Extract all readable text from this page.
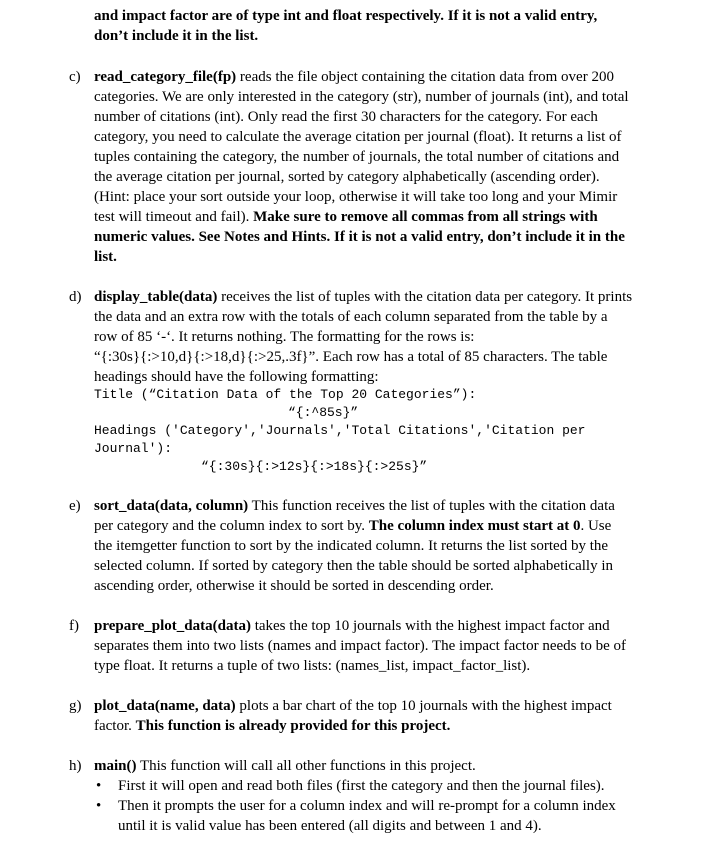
and impact factor are of type int and float respectively. If it is not a valid entry,
don’t include it in the list.
c) read_category_file(fp) reads the file object containing the citation data from over 200
categories. We are only interested in the category (str), number of journals (int), and total
number of citations (int). Only read the first 30 characters for the category. For each
category, you need to calculate the average citation per journal (float). It returns a list of
tuples containing the category, the number of journals, the total number of citations and
the average citation per journal, sorted by category alphabetically (ascending order).
(Hint: place your sort outside your loop, otherwise it will take too long and your Mimir
test will timeout and fail). Make sure to remove all commas from all strings with
numeric values. See Notes and Hints. If it is not a valid entry, don’t include it in the
list.
d) display_table(data) receives the list of tuples with the citation data per category. It prints
the data and an extra row with the totals of each column separated from the table by a
row of 85 ‘-‘. It returns nothing. The formatting for the rows is:
“{:30s}{:>10,d}{:>18,d}{:>25,.3f}”. Each row has a total of 85 characters. The table
headings should have the following formatting:
Title (“Citation Data of the Top 20 Categories”):
“{:^85s}”
Headings ('Category','Journals','Total Citations','Citation per
Journal'):
“{:30s}{:>12s}{:>18s}{:>25s}”
e) sort_data(data, column) This function receives the list of tuples with the citation data
per category and the column index to sort by. The column index must start at 0. Use
the itemgetter function to sort by the indicated column. It returns the list sorted by the
selected column. If sorted by category then the table should be sorted alphabetically in
ascending order, otherwise it should be sorted in descending order.
f) prepare_plot_data(data) takes the top 10 journals with the highest impact factor and
separates them into two lists (names and impact factor). The impact factor needs to be of
type float. It returns a tuple of two lists: (names_list, impact_factor_list).
g) plot_data(name, data) plots a bar chart of the top 10 journals with the highest impact
factor. This function is already provided for this project.
h) main() This function will call all other functions in this project.
• First it will open and read both files (first the category and then the journal files).
• Then it prompts the user for a column index and will re-prompt for a column index
until it is valid value has been entered (all digits and between 1 and 4).
